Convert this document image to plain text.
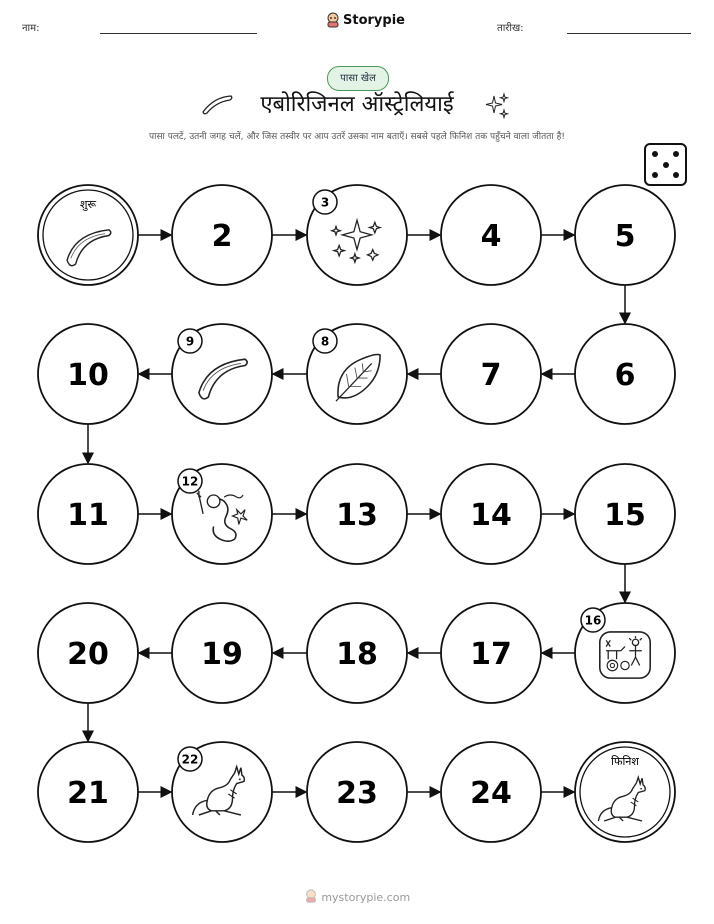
नाम:
Storypie
तारीख:
पासा खेल
एबोरिजिनल ऑस्ट्रेलियाई
पासा पलटें, उतनी जगह चलें, और जिस तस्वीर पर आप उतरें उसका नाम बताएँ। सबसे पहले फिनिश तक पहुँचने वाला जीतता है!
शुरू
2
3
4	5
6
7
8
9
10
11
12
13	14	15
16
17
18
19
20
21
22
23	24
फिनिश
mystorypie.com
